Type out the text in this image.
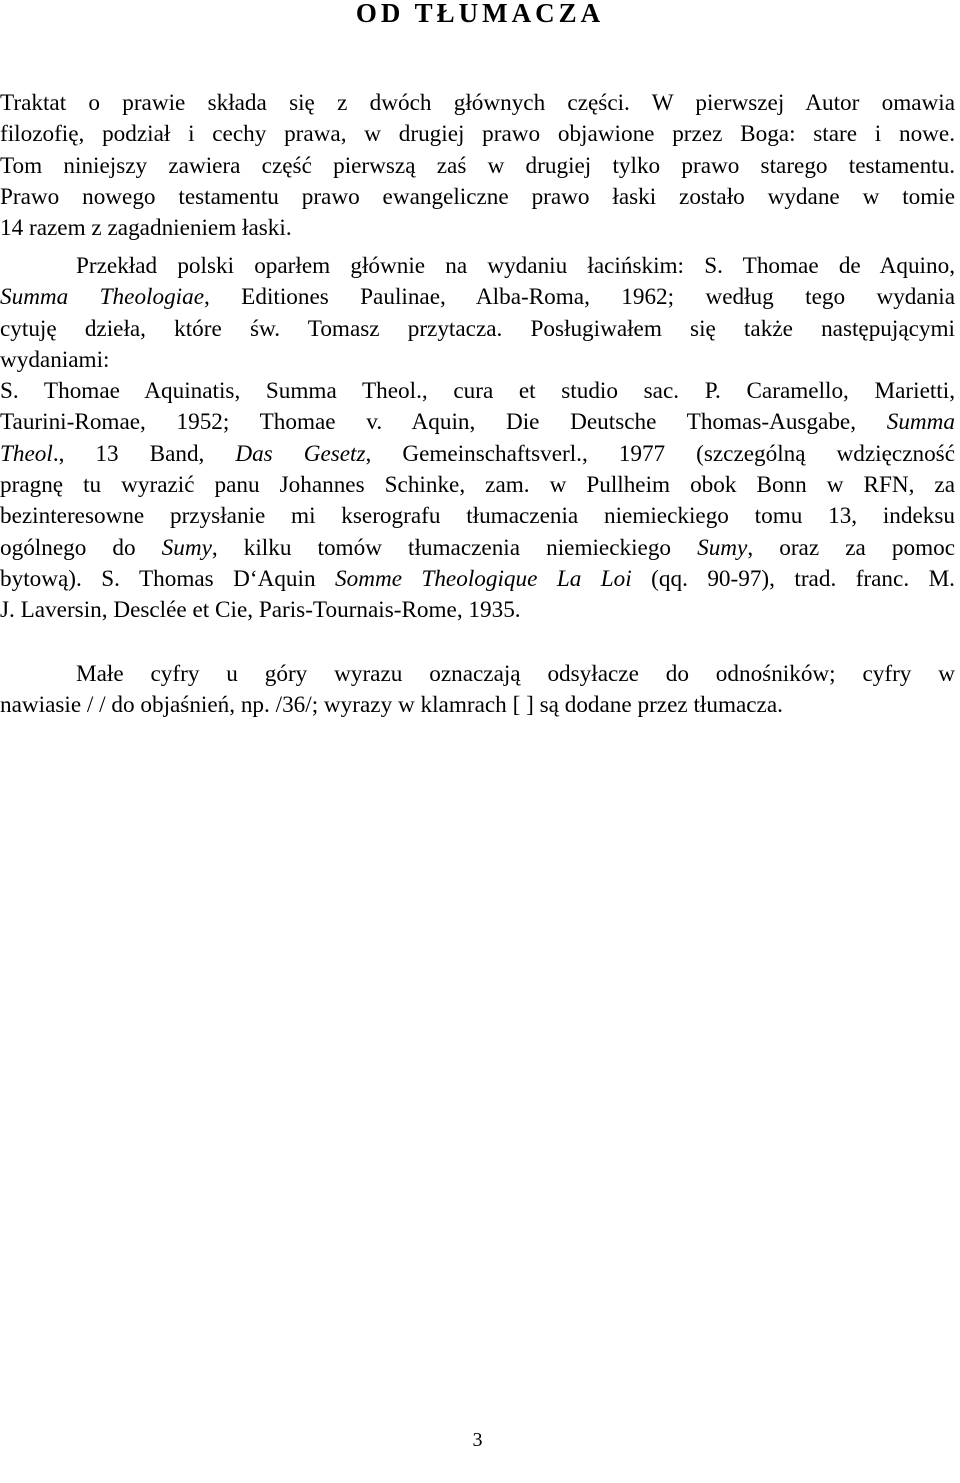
OD TŁUMACZA
Traktat o prawie składa się z dwóch głównych części. W pierwszej Autor omawia
filozofię, podział i cechy prawa, w drugiej prawo objawione przez Boga: stare i nowe.
Tom niniejszy zawiera część pierwszą zaś w drugiej tylko prawo starego testamentu.
Prawo nowego testamentu prawo ewangeliczne prawo łaski zostało wydane w tomie
14 razem z zagadnieniem łaski.
Przekład polski oparłem głównie na wydaniu łacińskim: S. Thomae de Aquino,
Summa Theologiae, Editiones Paulinae, Alba-Roma, 1962; według tego wydania
cytuję dzieła, które św. Tomasz przytacza. Posługiwałem się także następującymi
wydaniami:
S. Thomae Aquinatis, Summa Theol., cura et studio sac. P. Caramello, Marietti,
Taurini-Romae, 1952; Thomae v. Aquin, Die Deutsche Thomas-Ausgabe, Summa
Theol., 13 Band, Das Gesetz, Gemeinschaftsverl., 1977 (szczególną wdzięczność
pragnę tu wyrazić panu Johannes Schinke, zam. w Pullheim obok Bonn w RFN, za
bezinteresowne przysłanie mi kserografu tłumaczenia niemieckiego tomu 13, indeksu
ogólnego do Sumy, kilku tomów tłumaczenia niemieckiego Sumy, oraz za pomoc
bytową). S. Thomas D‘Aquin Somme Theologique La Loi (qq. 90-97), trad. franc. M.
J. Laversin, Desclée et Cie, Paris-Tournais-Rome, 1935.
Małe cyfry u góry wyrazu oznaczają odsyłacze do odnośników; cyfry w
nawiasie / / do objaśnień, np. /36/; wyrazy w klamrach [ ] są dodane przez tłumacza.
3
